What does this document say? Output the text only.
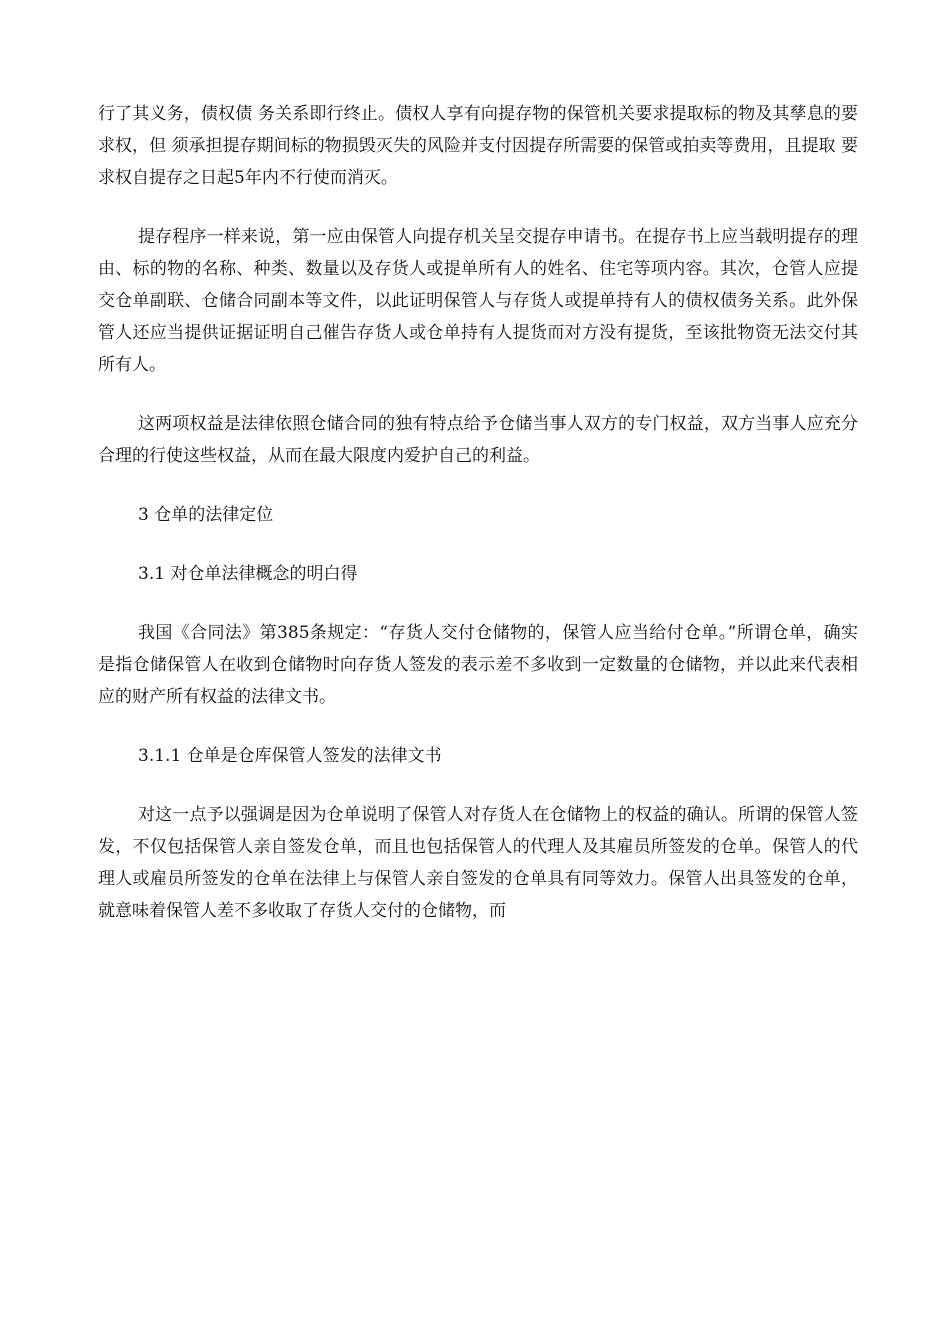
行了其义务，债权债 务关系即行终止。债权人享有向提存物的保管机关要求提取标的物及其孳息的要求权，但 须承担提存期间标的物损毁灭失的风险并支付因提存所需要的保管或拍卖等费用，且提取 要求权自提存之日起5年内不行使而消灭。

提存程序一样来说，第一应由保管人向提存机关呈交提存申请书。在提存书上应当载明提存的理由、标的物的名称、种类、数量以及存货人或提单所有人的姓名、住宅等项内容。其次，仓管人应提交仓单副联、仓储合同副本等文件，以此证明保管人与存货人或提单持有人的债权债务关系。此外保管人还应当提供证据证明自己催告存货人或仓单持有人提货而对方没有提货，至该批物资无法交付其所有人。

这两项权益是法律依照仓储合同的独有特点给予仓储当事人双方的专门权益，双方当事人应充分合理的行使这些权益，从而在最大限度内爱护自己的利益。

3 仓单的法律定位
3.1 对仓单法律概念的明白得

我国《合同法》第385条规定：“存货人交付仓储物的，保管人应当给付仓单。”所谓仓单，确实是指仓储保管人在收到仓储物时向存货人签发的表示差不多收到一定数量的仓储物，并以此来代表相应的财产所有权益的法律文书。

3.1.1 仓单是仓库保管人签发的法律文书

对这一点予以强调是因为仓单说明了保管人对存货人在仓储物上的权益的确认。所谓的保管人签发，不仅包括保管人亲自签发仓单，而且也包括保管人的代理人及其雇员所签发的仓单。保管人的代理人或雇员所签发的仓单在法律上与保管人亲自签发的仓单具有同等效力。保管人出具签发的仓单，就意味着保管人差不多收取了存货人交付的仓储物，而
